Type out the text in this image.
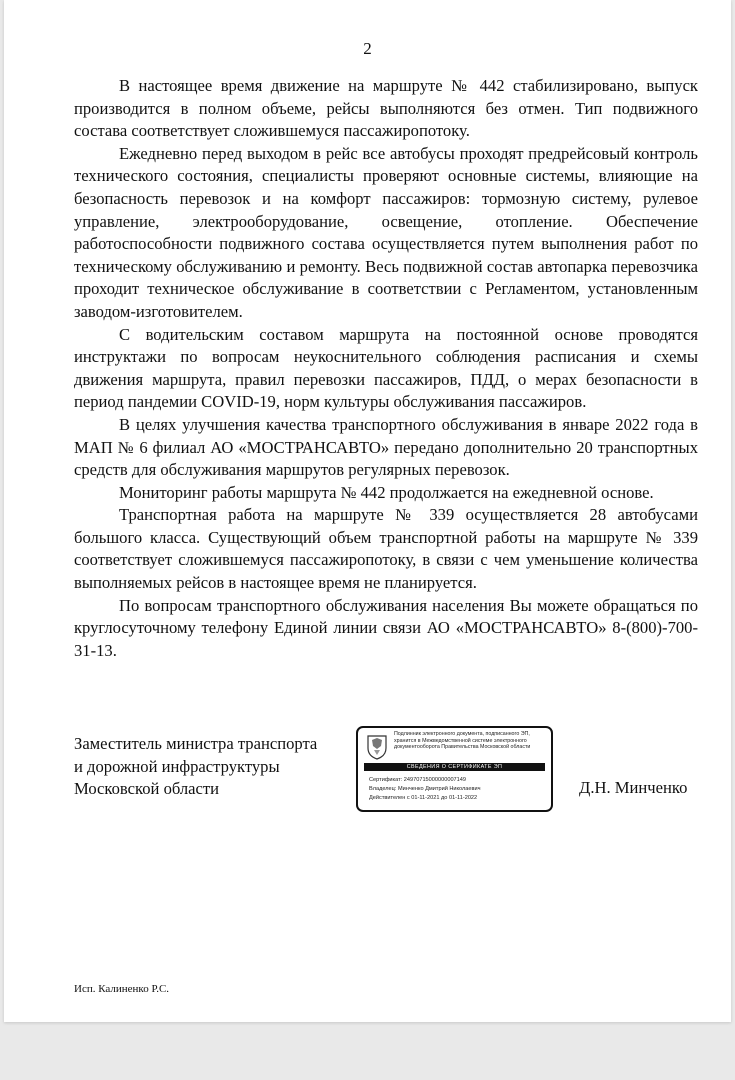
2

В настоящее время движение на маршруте № 442 стабилизировано, выпуск производится в полном объеме, рейсы выполняются без отмен. Тип подвижного состава соответствует сложившемуся пассажиропотоку.

Ежедневно перед выходом в рейс все автобусы проходят предрейсовый контроль технического состояния, специалисты проверяют основные системы, влияющие на безопасность перевозок и на комфорт пассажиров: тормозную систему, рулевое управление, электрооборудование, освещение, отопление. Обеспечение работоспособности подвижного состава осуществляется путем выполнения работ по техническому обслуживанию и ремонту. Весь подвижной состав автопарка перевозчика проходит техническое обслуживание в соответствии с Регламентом, установленным заводом-изготовителем.

С водительским составом маршрута на постоянной основе проводятся инструктажи по вопросам неукоснительного соблюдения расписания и схемы движения маршрута, правил перевозки пассажиров, ПДД, о мерах безопасности в период пандемии COVID-19, норм культуры обслуживания пассажиров.

В целях улучшения качества транспортного обслуживания в январе 2022 года в МАП № 6 филиал АО «МОСТРАНСАВТО» передано дополнительно 20 транспортных средств для обслуживания маршрутов регулярных перевозок.

Мониторинг работы маршрута № 442 продолжается на ежедневной основе.

Транспортная работа на маршруте № 339 осуществляется 28 автобусами большого класса. Существующий объем транспортной работы на маршруте № 339 соответствует сложившемуся пассажиропотоку, в связи с чем уменьшение количества выполняемых рейсов в настоящее время не планируется.

По вопросам транспортного обслуживания населения Вы можете обращаться по круглосуточному телефону Единой линии связи АО «МОСТРАНСАВТО» 8-(800)-700-31-13.

Заместитель министра транспорта
и дорожной инфраструктуры
Московской области
Подлинник электронного документа, подписанного ЭП,
хранится в Межведомственной системе электронного
документооборота Правительства Московской области
СВЕДЕНИЯ О СЕРТИФИКАТЕ ЭП
Сертификат: 24970715000000007149
Владелец: Минченко Дмитрий Николаевич
Действителен с 01-11-2021 до 01-11-2022
Д.Н. Минченко
Исп. Калиненко Р.С.
